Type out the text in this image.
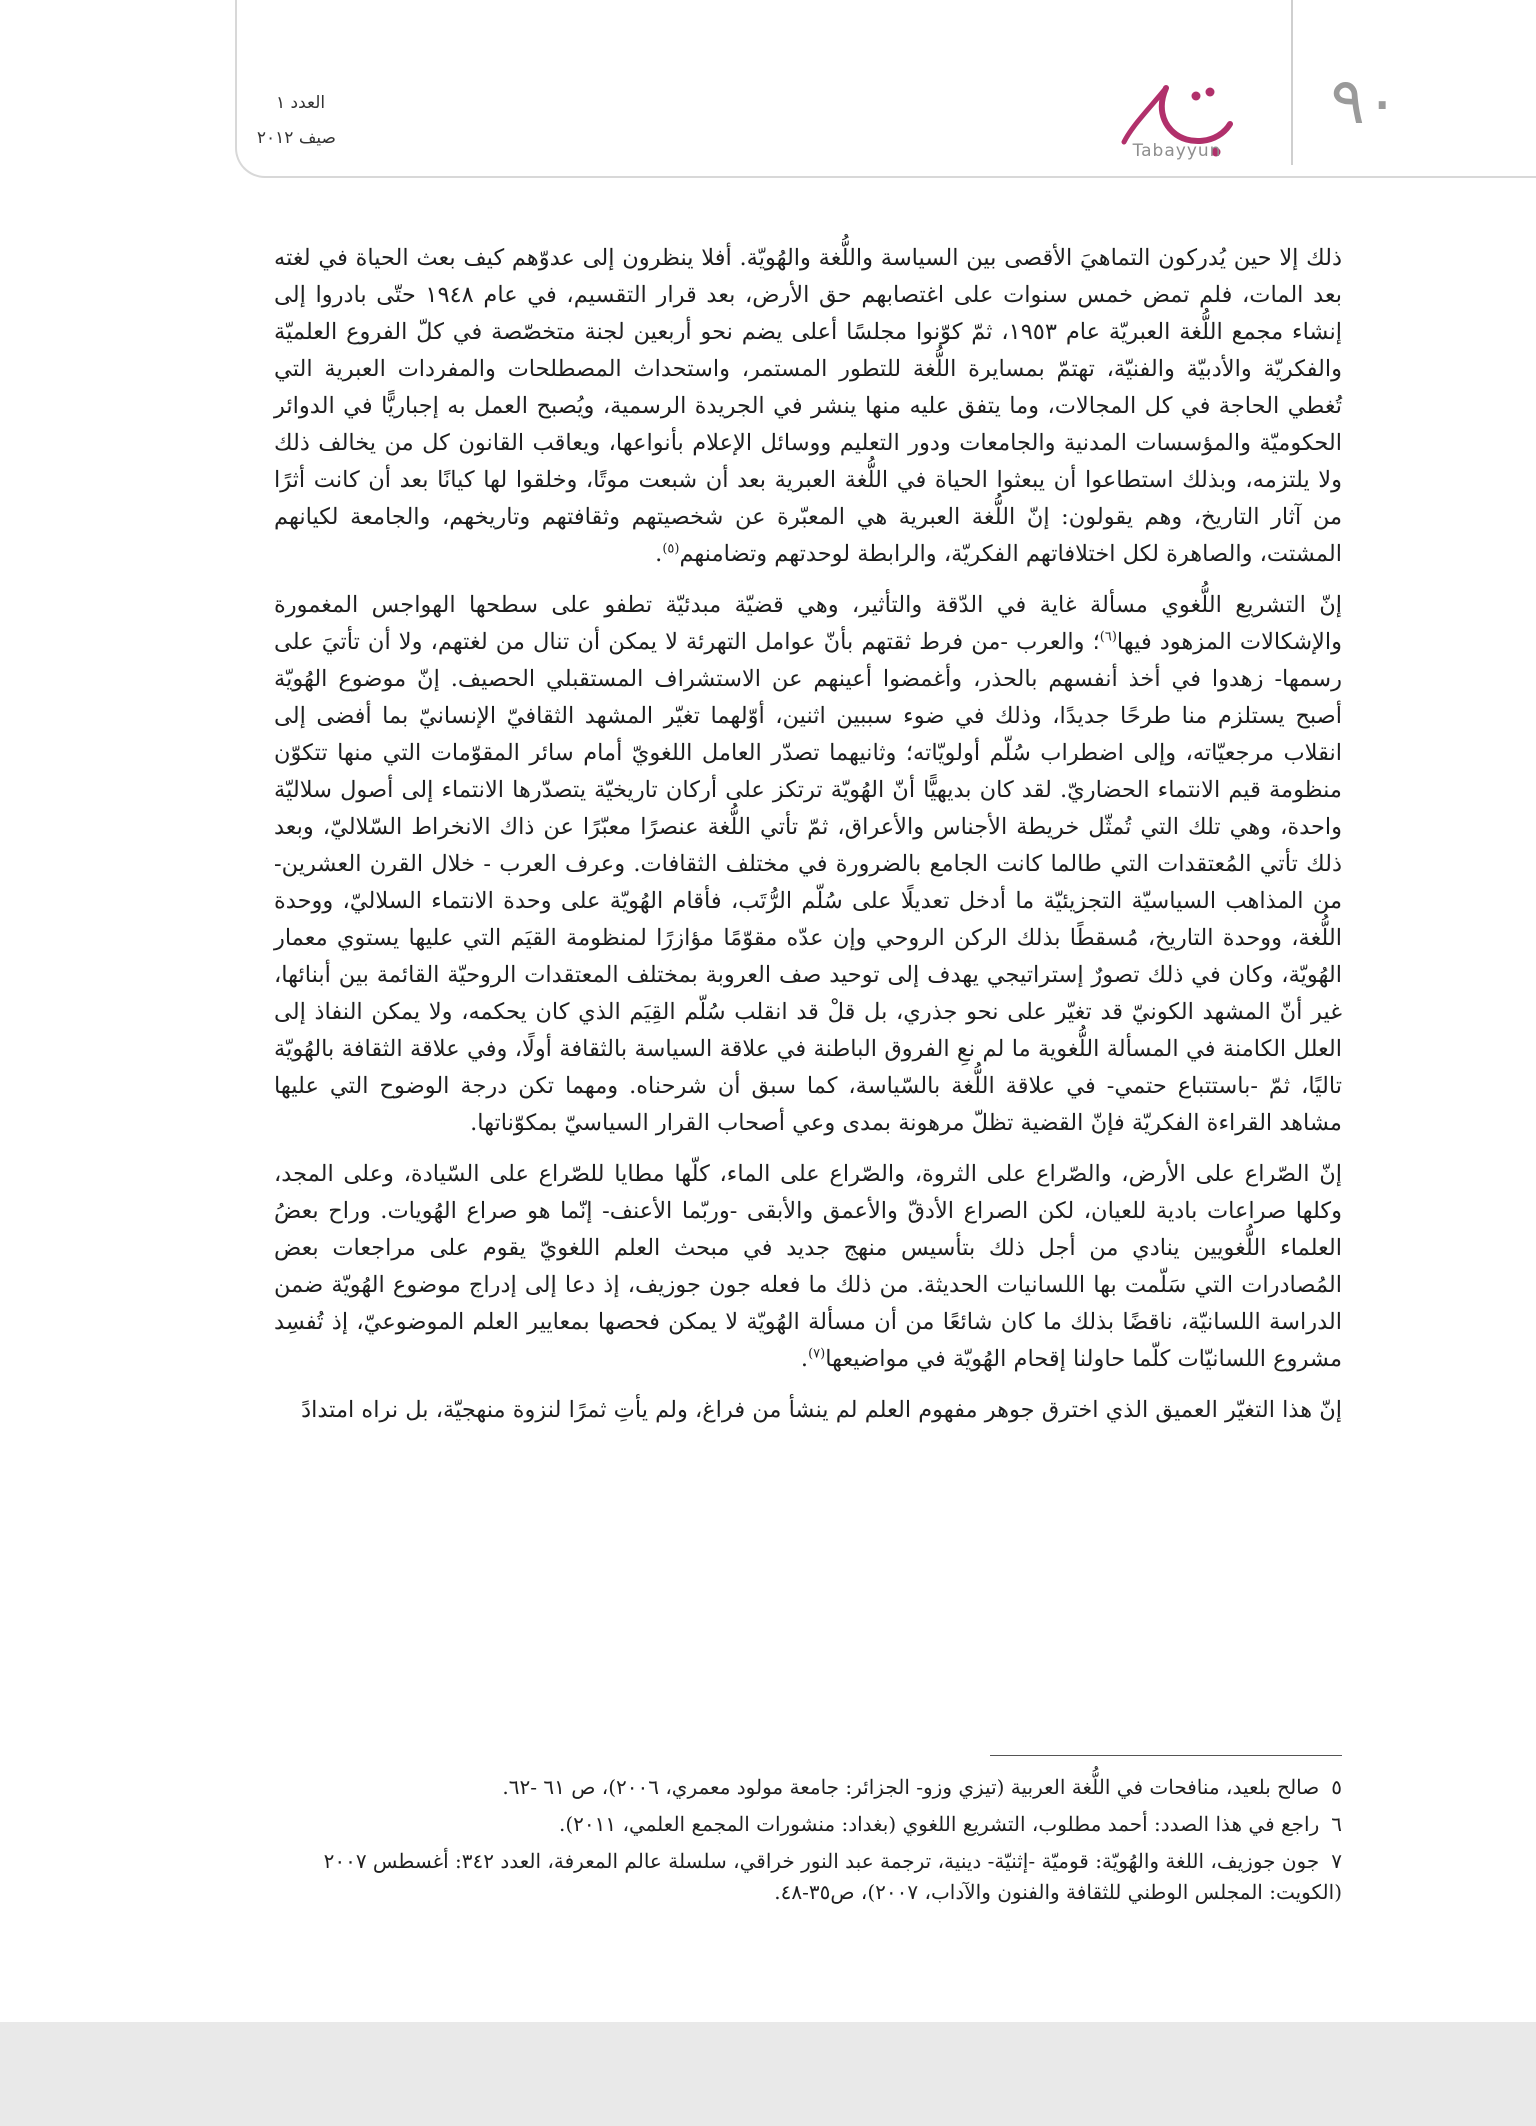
٩٠
Tabayyun
العدد ١
صيف ٢٠١٢

ذلك إلا حين يُدركون التماهيَ الأقصى بين السياسة واللُّغة والهُويّة. أفلا ينظرون إلى عدوّهم كيف بعث الحياة في لغته بعد المات، فلم تمض خمس سنوات على اغتصابهم حق الأرض، بعد قرار التقسيم، في عام ١٩٤٨ حتّى بادروا إلى إنشاء مجمع اللُّغة العبريّة عام ١٩٥٣، ثمّ كوّنوا مجلسًا أعلى يضم نحو أربعين لجنة متخصّصة في كلّ الفروع العلميّة والفكريّة والأدبيّة والفنيّة، تهتمّ بمسايرة اللُّغة للتطور المستمر، واستحداث المصطلحات والمفردات العبرية التي تُغطي الحاجة في كل المجالات، وما يتفق عليه منها ينشر في الجريدة الرسمية، ويُصبح العمل به إجباريًّا في الدوائر الحكوميّة والمؤسسات المدنية والجامعات ودور التعليم ووسائل الإعلام بأنواعها، ويعاقب القانون كل من يخالف ذلك ولا يلتزمه، وبذلك استطاعوا أن يبعثوا الحياة في اللُّغة العبرية بعد أن شبعت موتًا، وخلقوا لها كيانًا بعد أن كانت أثرًا من آثار التاريخ، وهم يقولون: إنّ اللُّغة العبرية هي المعبّرة عن شخصيتهم وثقافتهم وتاريخهم، والجامعة لكيانهم المشتت، والصاهرة لكل اختلافاتهم الفكريّة، والرابطة لوحدتهم وتضامنهم$^{(٥)}$.

إنّ التشريع اللُّغوي مسألة غاية في الدّقة والتأثير، وهي قضيّة مبدئيّة تطفو على سطحها الهواجس المغمورة والإشكالات المزهود فيها$^{(٦)}$؛ والعرب -من فرط ثقتهم بأنّ عوامل التهرئة لا يمكن أن تنال من لغتهم، ولا أن تأتيَ على رسمها- زهدوا في أخذ أنفسهم بالحذر، وأغمضوا أعينهم عن الاستشراف المستقبلي الحصيف. إنّ موضوع الهُويّة أصبح يستلزم منا طرحًا جديدًا، وذلك في ضوء سببين اثنين، أوّلهما تغيّر المشهد الثقافيّ الإنسانيّ بما أفضى إلى انقلاب مرجعيّاته، وإلى اضطراب سُلّم أولويّاته؛ وثانيهما تصدّر العامل اللغويّ أمام سائر المقوّمات التي منها تتكوّن منظومة قيم الانتماء الحضاريّ. لقد كان بديهيًّا أنّ الهُويّة ترتكز على أركان تاريخيّة يتصدّرها الانتماء إلى أصول سلاليّة واحدة، وهي تلك التي تُمثّل خريطة الأجناس والأعراق، ثمّ تأتي اللُّغة عنصرًا معبّرًا عن ذاك الانخراط السّلاليّ، وبعد ذلك تأتي المُعتقدات التي طالما كانت الجامع بالضرورة في مختلف الثقافات. وعرف العرب - خلال القرن العشرين- من المذاهب السياسيّة التجزيئيّة ما أدخل تعديلًا على سُلّم الرُّتَب، فأقام الهُويّة على وحدة الانتماء السلاليّ، ووحدة اللُّغة، ووحدة التاريخ، مُسقطًا بذلك الركن الروحي وإن عدّه مقوّمًا مؤازرًا لمنظومة القيَم التي عليها يستوي معمار الهُويّة، وكان في ذلك تصورٌ إستراتيجي يهدف إلى توحيد صف العروبة بمختلف المعتقدات الروحيّة القائمة بين أبنائها، غير أنّ المشهد الكونيّ قد تغيّر على نحو جذري، بل قلْ قد انقلب سُلّم القِيَم الذي كان يحكمه، ولا يمكن النفاذ إلى العلل الكامنة في المسألة اللُّغوية ما لم نعِ الفروق الباطنة في علاقة السياسة بالثقافة أولًا، وفي علاقة الثقافة بالهُويّة تاليًا، ثمّ -باستتباع حتمي- في علاقة اللُّغة بالسّياسة، كما سبق أن شرحناه. ومهما تكن درجة الوضوح التي عليها مشاهد القراءة الفكريّة فإنّ القضية تظلّ مرهونة بمدى وعي أصحاب القرار السياسيّ بمكوّناتها.

إنّ الصّراع على الأرض، والصّراع على الثروة، والصّراع على الماء، كلّها مطايا للصّراع على السّيادة، وعلى المجد، وكلها صراعات بادية للعيان، لكن الصراع الأدقّ والأعمق والأبقى -وربّما الأعنف- إنّما هو صراع الهُويات. وراح بعضُ العلماء اللُّغويين ينادي من أجل ذلك بتأسيس منهج جديد في مبحث العلم اللغويّ يقوم على مراجعات بعض المُصادرات التي سَلّمت بها اللسانيات الحديثة. من ذلك ما فعله جون جوزيف، إذ دعا إلى إدراج موضوع الهُويّة ضمن الدراسة اللسانيّة، ناقضًا بذلك ما كان شائعًا من أن مسألة الهُويّة لا يمكن فحصها بمعايير العلم الموضوعيّ، إذ تُفسِد مشروع اللسانيّات كلّما حاولنا إقحام الهُويّة في مواضيعها$^{(٧)}$.

إنّ هذا التغيّر العميق الذي اخترق جوهر مفهوم العلم لم ينشأ من فراغ، ولم يأتِ ثمرًا لنزوة منهجيّة، بل نراه امتدادً

٥صالح بلعيد، منافحات في اللُّغة العربية (تيزي وزو- الجزائر: جامعة مولود معمري، ٢٠٠٦)، ص ٦١ -٦٢.
٦راجع في هذا الصدد: أحمد مطلوب، التشريع اللغوي (بغداد: منشورات المجمع العلمي، ٢٠١١).
٧جون جوزيف، اللغة والهُويّة: قوميّة -إثنيّة- دينية، ترجمة عبد النور خراقي، سلسلة عالم المعرفة، العدد ٣٤٢: أغسطس ٢٠٠٧ (الكويت: المجلس الوطني للثقافة والفنون والآداب، ٢٠٠٧)، ص٣٥-٤٨.
